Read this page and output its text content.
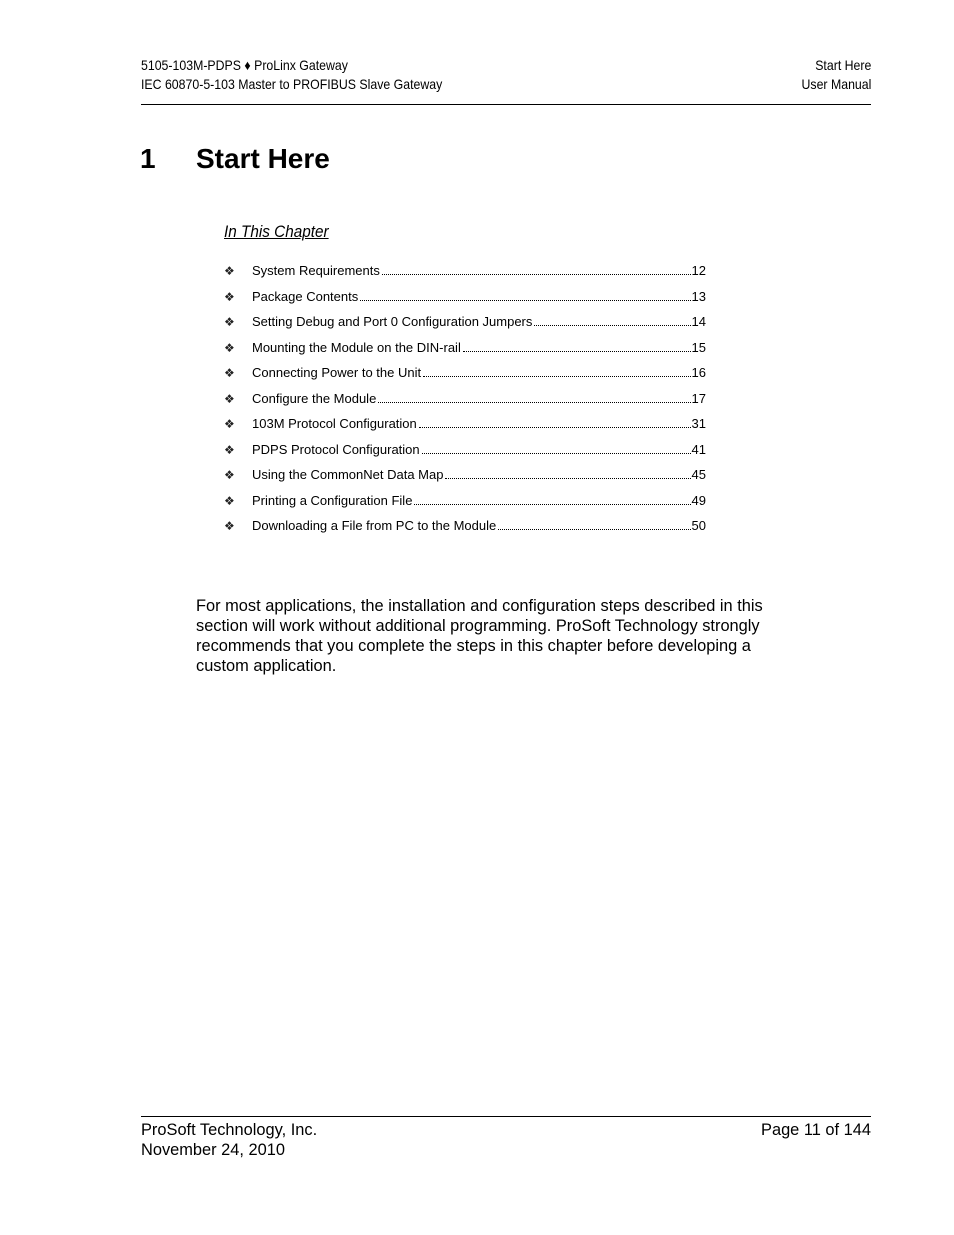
5105-103M-PDPS ♦ ProLinx Gateway
IEC 60870-5-103 Master to PROFIBUS Slave Gateway
Start Here
User Manual
1 Start Here
In This Chapter
❖	System Requirements	12
❖	Package Contents	13
❖	Setting Debug and Port 0 Configuration Jumpers	14
❖	Mounting the Module on the DIN-rail	15
❖	Connecting Power to the Unit	16
❖	Configure the Module	17
❖	103M Protocol Configuration	31
❖	PDPS Protocol Configuration	41
❖	Using the CommonNet Data Map	45
❖	Printing a Configuration File	49
❖	Downloading a File from PC to the Module	50

For most applications, the installation and configuration steps described in this section will work without additional programming. ProSoft Technology strongly recommends that you complete the steps in this chapter before developing a custom application.

ProSoft Technology, Inc.
November 24, 2010
Page 11 of 144
